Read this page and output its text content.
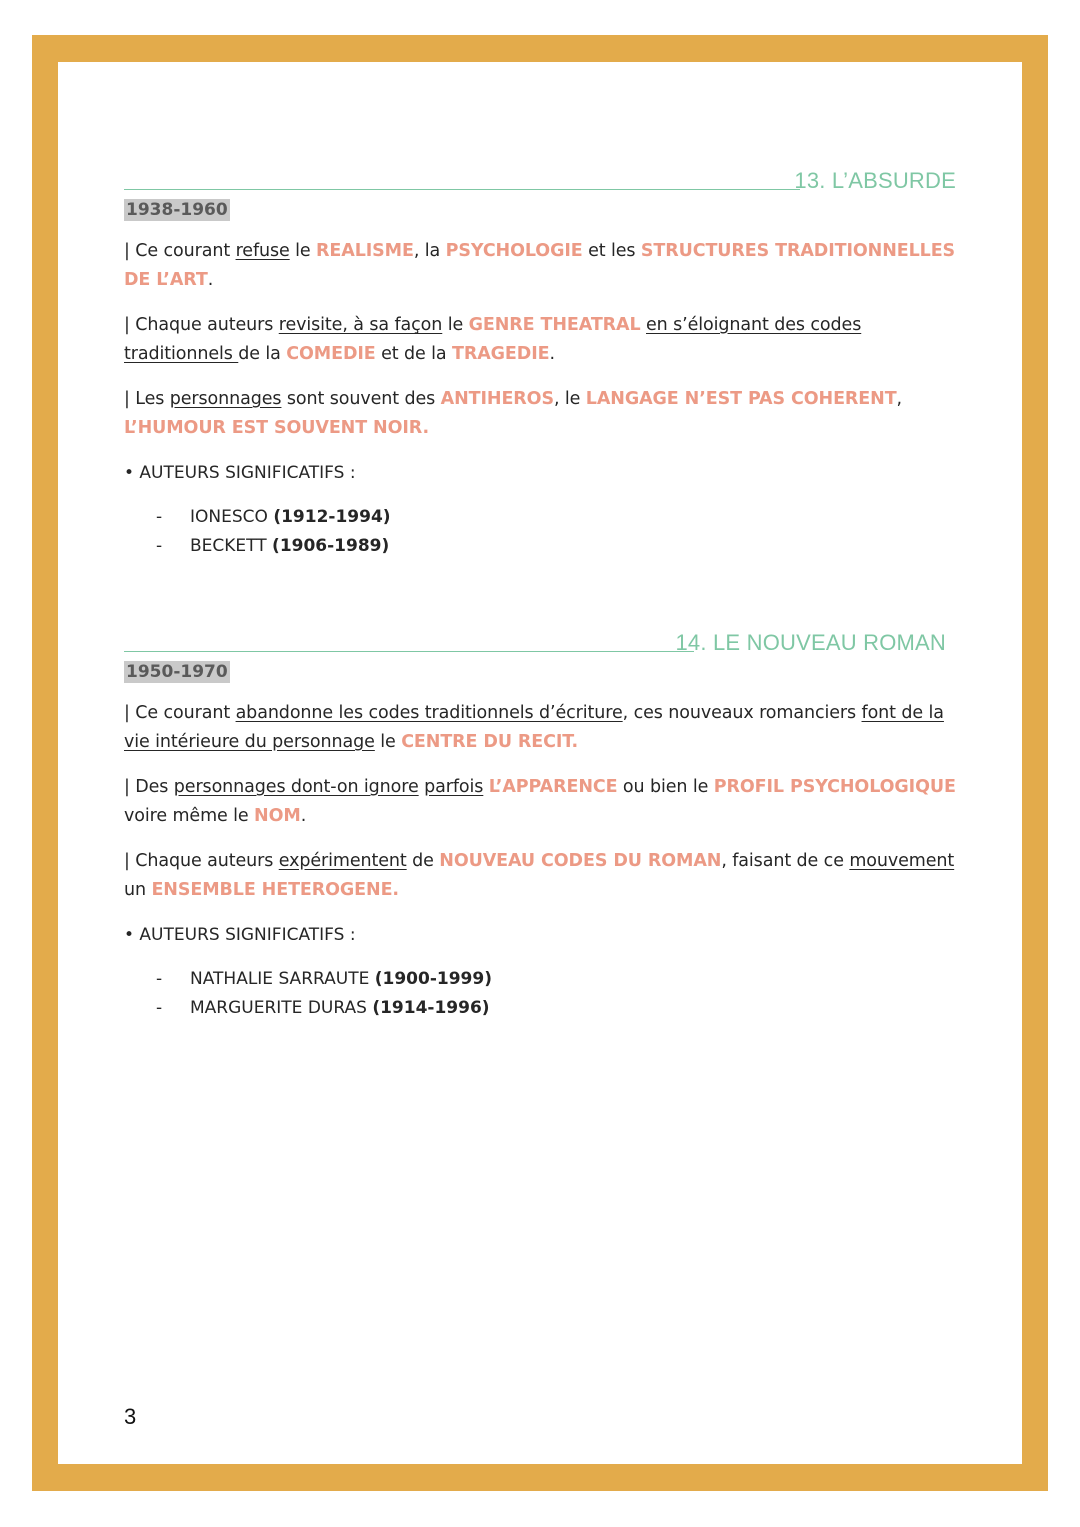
13. L’ABSURDE
1938-1960

| Ce courant refuse le REALISME, la PSYCHOLOGIE et les STRUCTURES TRADITIONNELLES DE L’ART.

| Chaque auteurs revisite, à sa façon le GENRE THEATRAL en s’éloignant des codes traditionnels de la COMEDIE et de la TRAGEDIE.

| Les personnages sont souvent des ANTIHEROS, le LANGAGE N’EST PAS COHERENT, L’HUMOUR EST SOUVENT NOIR.

• AUTEURS SIGNIFICATIFS :

- IONESCO (1912-1994)
- BECKETT (1906-1989)
14. LE NOUVEAU ROMAN
1950-1970

| Ce courant abandonne les codes traditionnels d’écriture, ces nouveaux romanciers font de la vie intérieure du personnage le CENTRE DU RECIT.

| Des personnages dont-on ignore parfois L’APPARENCE ou bien le PROFIL PSYCHOLOGIQUE voire même le NOM.

| Chaque auteurs expérimentent de NOUVEAU CODES DU ROMAN, faisant de ce mouvement un ENSEMBLE HETEROGENE.

• AUTEURS SIGNIFICATIFS :

- NATHALIE SARRAUTE (1900-1999)
- MARGUERITE DURAS (1914-1996)
3
